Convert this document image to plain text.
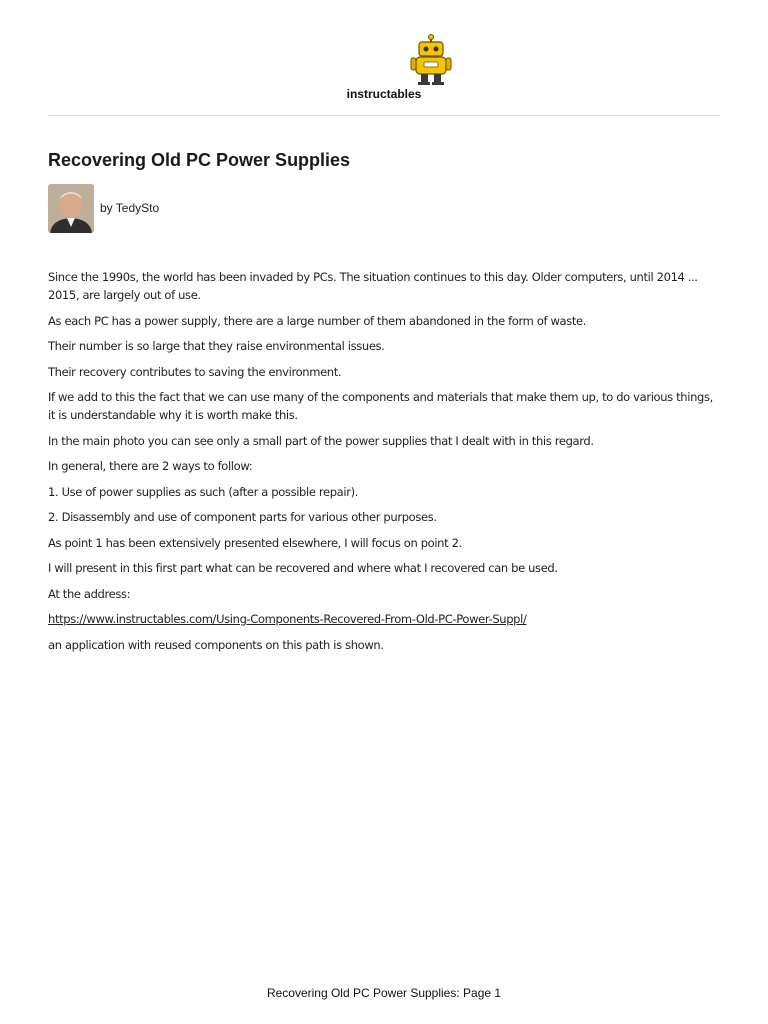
instructables
Recovering Old PC Power Supplies
by TedySto

Since the 1990s, the world has been invaded by PCs. The situation continues to this day. Older computers, until 2014 ... 2015, are largely out of use.

As each PC has a power supply, there are a large number of them abandoned in the form of waste.

Their number is so large that they raise environmental issues.

Their recovery contributes to saving the environment.

If we add to this the fact that we can use many of the components and materials that make them up, to do various things, it is understandable why it is worth make this.

In the main photo you can see only a small part of the power supplies that I dealt with in this regard.

In general, there are 2 ways to follow:

1. Use of power supplies as such (after a possible repair).

2. Disassembly and use of component parts for various other purposes.

As point 1 has been extensively presented elsewhere, I will focus on point 2.

I will present in this first part what can be recovered and where what I recovered can be used.

At the address:

https://www.instructables.com/Using-Components-Recovered-From-Old-PC-Power-Suppl/

an application with reused components on this path is shown.

Recovering Old PC Power Supplies: Page 1
